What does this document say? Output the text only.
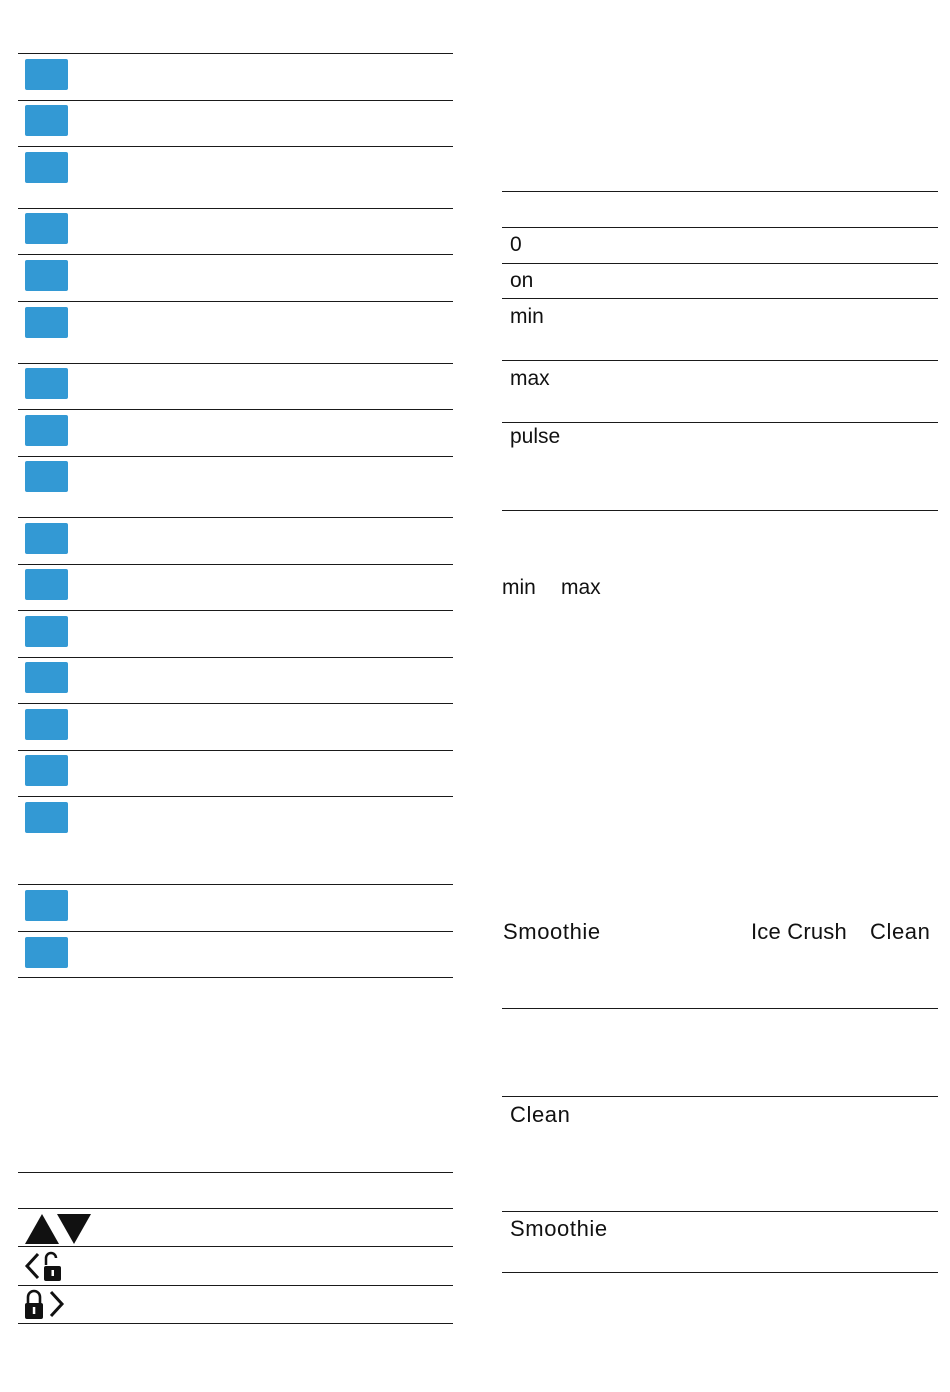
0
on
min
max
pulse
min max
Smoothie	Ice Crush Clean
Clean
Smoothie
